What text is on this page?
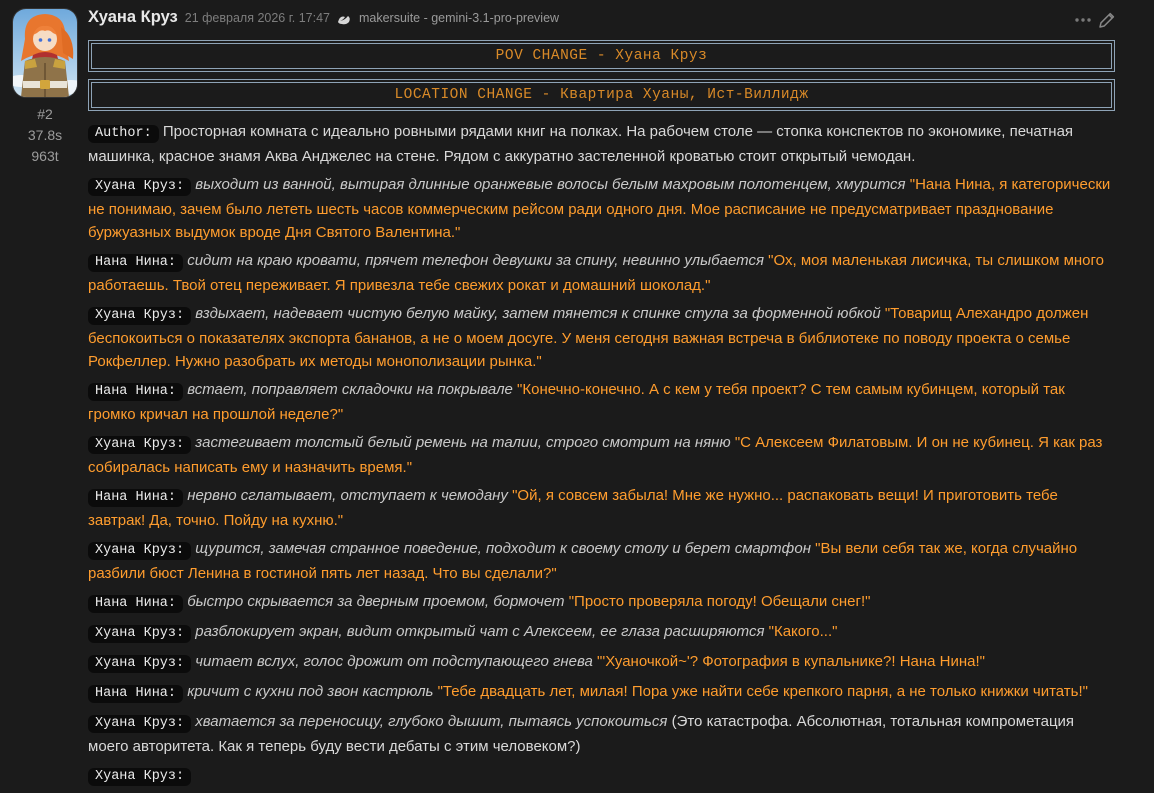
#2
37.8s
963t
Хуана Круз 21 февраля 2026 г. 17:47 makersuite - gemini-3.1-pro-preview
POV CHANGE - Хуана Круз
LOCATION CHANGE - Квартира Хуаны, Ист-Виллидж

Author: Просторная комната с идеально ровными рядами книг на полках. На рабочем столе — стопка конспектов по экономике, печатная машинка, красное знамя Аква Анджелес на стене. Рядом с аккуратно застеленной кроватью стоит открытый чемодан.

Хуана Круз: выходит из ванной, вытирая длинные оранжевые волосы белым махровым полотенцем, хмурится "Нана Нина, я категорически не понимаю, зачем было лететь шесть часов коммерческим рейсом ради одного дня. Мое расписание не предусматривает празднование буржуазных выдумок вроде Дня Святого Валентина."

Нана Нина: сидит на краю кровати, прячет телефон девушки за спину, невинно улыбается "Ох, моя маленькая лисичка, ты слишком много работаешь. Твой отец переживает. Я привезла тебе свежих рокат и домашний шоколад."

Хуана Круз: вздыхает, надевает чистую белую майку, затем тянется к спинке стула за форменной юбкой "Товарищ Алехандро должен беспокоиться о показателях экспорта бананов, а не о моем досуге. У меня сегодня важная встреча в библиотеке по поводу проекта о семье Рокфеллер. Нужно разобрать их методы монополизации рынка."

Нана Нина: встает, поправляет складочки на покрывале "Конечно-конечно. А с кем у тебя проект? С тем самым кубинцем, который так громко кричал на прошлой неделе?"

Хуана Круз: застегивает толстый белый ремень на талии, строго смотрит на няню "С Алексеем Филатовым. И он не кубинец. Я как раз собиралась написать ему и назначить время."

Нана Нина: нервно сглатывает, отступает к чемодану "Ой, я совсем забыла! Мне же нужно... распаковать вещи! И приготовить тебе завтрак! Да, точно. Пойду на кухню."

Хуана Круз: щурится, замечая странное поведение, подходит к своему столу и берет смартфон "Вы вели себя так же, когда случайно разбили бюст Ленина в гостиной пять лет назад. Что вы сделали?"

Нана Нина: быстро скрывается за дверным проемом, бормочет "Просто проверяла погоду! Обещали снег!"

Хуана Круз: разблокирует экран, видит открытый чат с Алексеем, ее глаза расширяются "Какого..."

Хуана Круз: читает вслух, голос дрожит от подступающего гнева "'Хуаночкой~'? Фотография в купальнике?! Нана Нина!"

Нана Нина: кричит с кухни под звон кастрюль "Тебе двадцать лет, милая! Пора уже найти себе крепкого парня, а не только книжки читать!"

Хуана Круз: хватается за переносицу, глубоко дышит, пытаясь успокоиться (Это катастрофа. Абсолютная, тотальная компрометация моего авторитета. Как я теперь буду вести дебаты с этим человеком?)

Хуана Круз:
